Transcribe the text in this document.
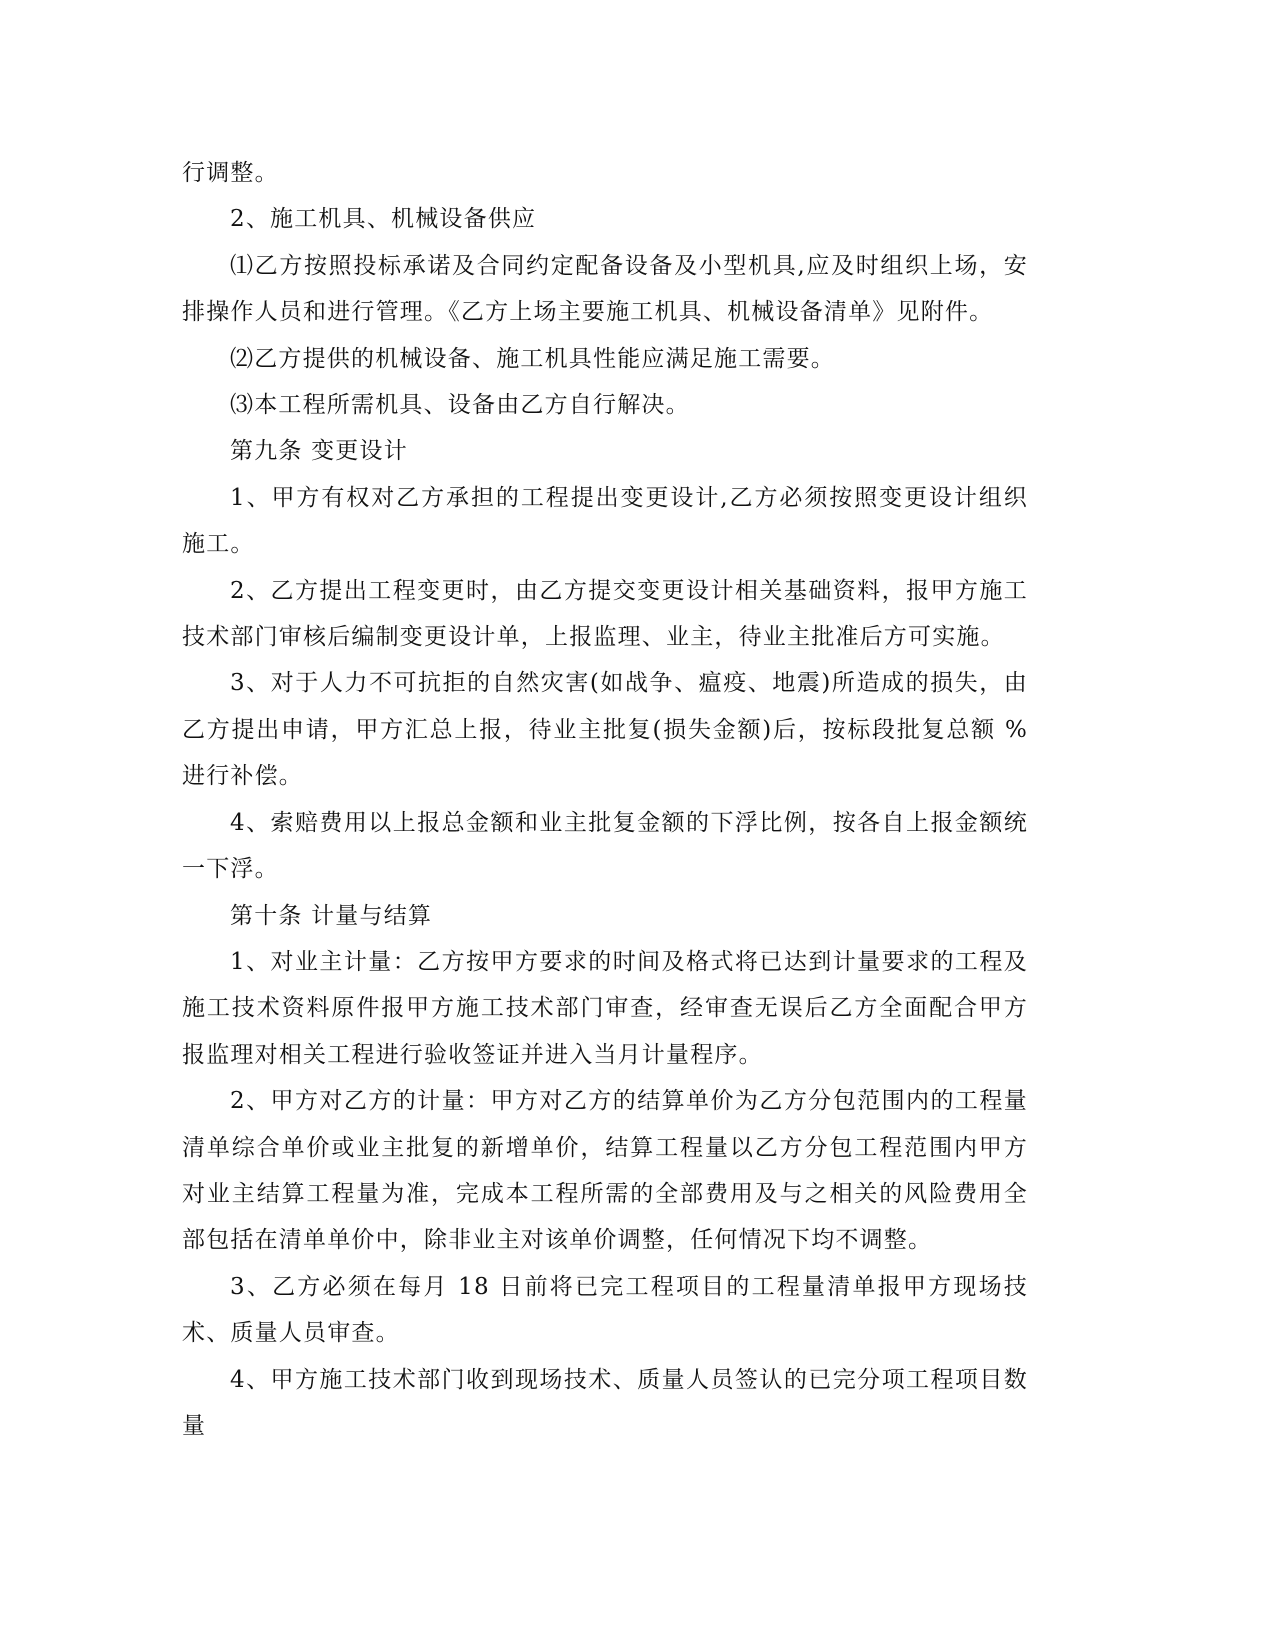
行调整。

2、施工机具、机械设备供应

⑴乙方按照投标承诺及合同约定配备设备及小型机具,应及时组织上场，安排操作人员和进行管理。《乙方上场主要施工机具、机械设备清单》见附件。

⑵乙方提供的机械设备、施工机具性能应满足施工需要。

⑶本工程所需机具、设备由乙方自行解决。

第九条 变更设计

1、甲方有权对乙方承担的工程提出变更设计,乙方必须按照变更设计组织施工。

2、乙方提出工程变更时，由乙方提交变更设计相关基础资料，报甲方施工技术部门审核后编制变更设计单，上报监理、业主，待业主批准后方可实施。

3、对于人力不可抗拒的自然灾害(如战争、瘟疫、地震)所造成的损失，由乙方提出申请，甲方汇总上报，待业主批复(损失金额)后，按标段批复总额 %进行补偿。

4、索赔费用以上报总金额和业主批复金额的下浮比例，按各自上报金额统一下浮。

第十条 计量与结算

1、对业主计量：乙方按甲方要求的时间及格式将已达到计量要求的工程及施工技术资料原件报甲方施工技术部门审查，经审查无误后乙方全面配合甲方报监理对相关工程进行验收签证并进入当月计量程序。

2、甲方对乙方的计量：甲方对乙方的结算单价为乙方分包范围内的工程量清单综合单价或业主批复的新增单价，结算工程量以乙方分包工程范围内甲方对业主结算工程量为准，完成本工程所需的全部费用及与之相关的风险费用全部包括在清单单价中，除非业主对该单价调整，任何情况下均不调整。

3、乙方必须在每月 18 日前将已完工程项目的工程量清单报甲方现场技术、质量人员审查。

4、甲方施工技术部门收到现场技术、质量人员签认的已完分项工程项目数量
